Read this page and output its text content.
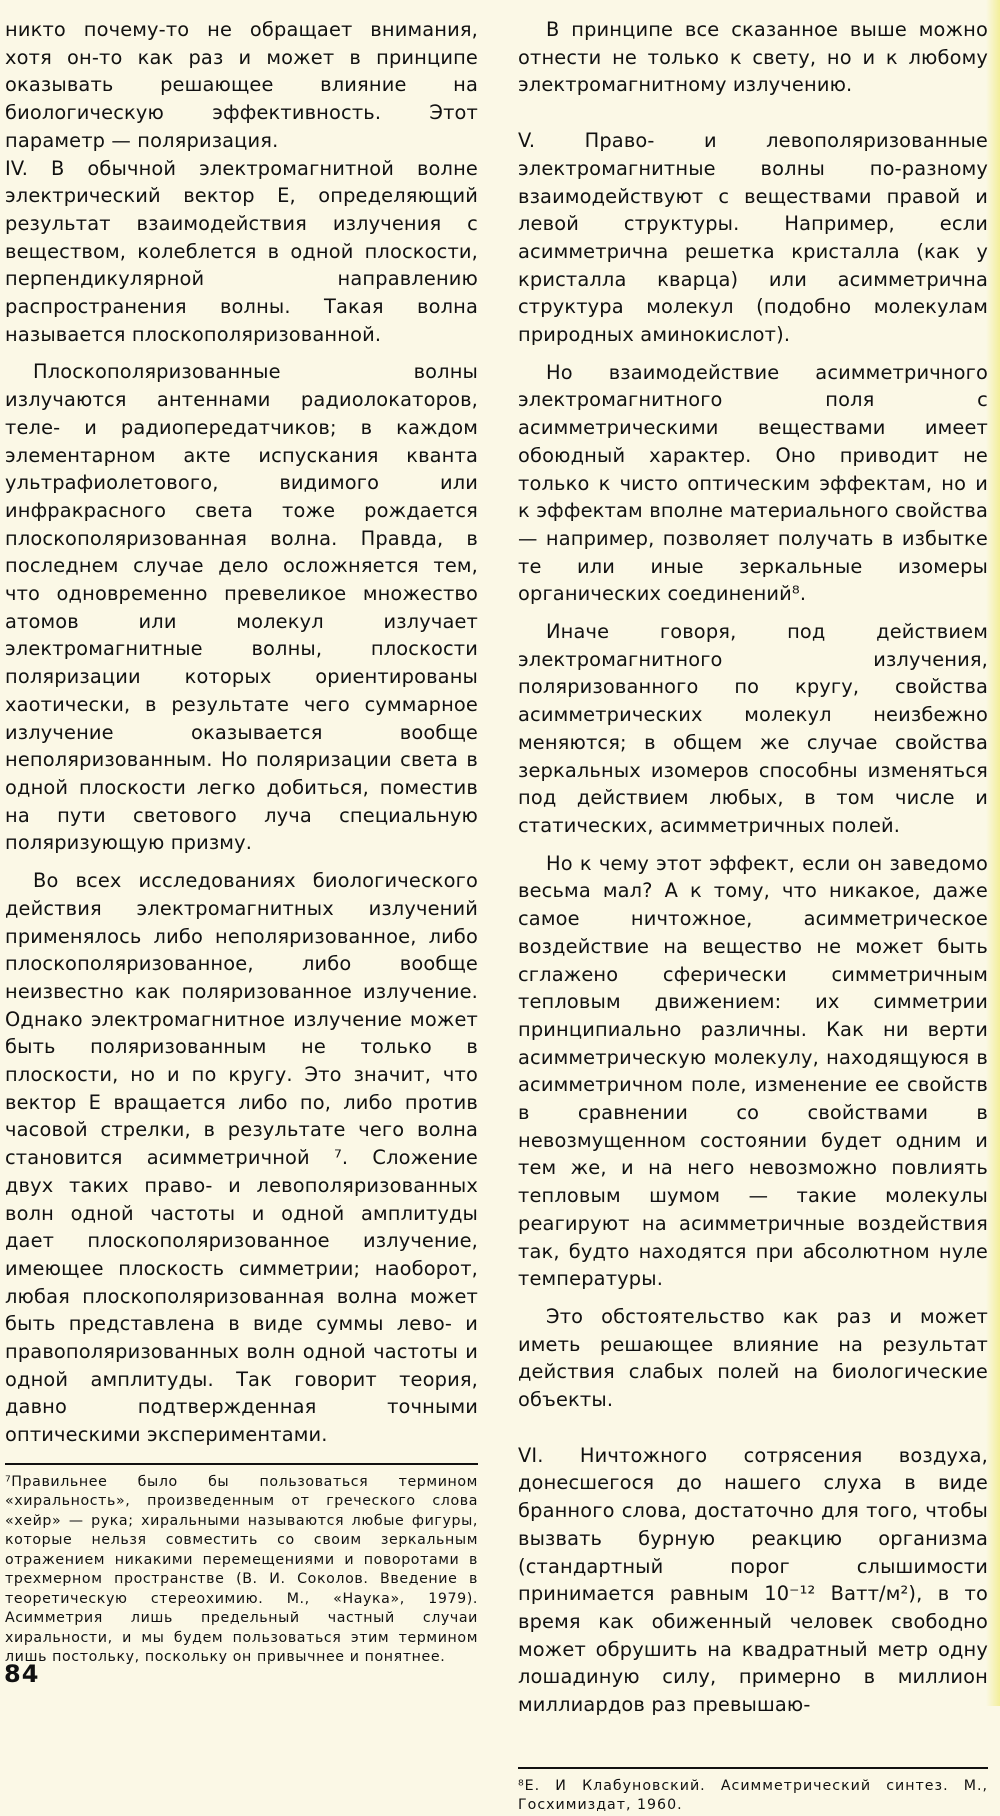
никто почему-то не обращает внимания, хотя он-то как раз и может в принципе оказывать решающее влияние на биологическую эффективность. Этот параметр — поляризация.

IV. В обычной электромагнитной волне электрический вектор Е, определяющий результат взаимодействия излучения с веществом, колеблется в одной плоскости, перпендикулярной направлению распространения волны. Такая волна называется плоскополяризованной.

Плоскополяризованные волны излучаются антеннами радиолокаторов, теле- и радиопередатчиков; в каждом элементарном акте испускания кванта ультрафиолетового, видимого или инфракрасного света тоже рождается плоскополяризованная волна. Правда, в последнем случае дело осложняется тем, что одновременно превеликое множество атомов или молекул излучает электромагнитные волны, плоскости поляризации которых ориентированы хаотически, в результате чего суммарное излучение оказывается вообще неполяризованным. Но поляризации света в одной плоскости легко добиться, поместив на пути светового луча специальную поляризующую призму.

Во всех исследованиях биологического действия электромагнитных излучений применялось либо неполяризованное, либо плоскополяризованное, либо вообще неизвестно как поляризованное излучение. Однако электромагнитное излучение может быть поляризованным не только в плоскости, но и по кругу. Это значит, что вектор Е вращается либо по, либо против часовой стрелки, в результате чего волна становится асимметричной ⁷. Сложение двух таких право- и левополяризованных волн одной частоты и одной амплитуды дает плоскополяризованное излучение, имеющее плоскость симметрии; наоборот, любая плоскополяризованная волна может быть представлена в виде суммы лево- и правополяризованных волн одной частоты и одной амплитуды. Так говорит теория, давно подтвержденная точными оптическими экспериментами.

⁷Правильнее было бы пользоваться термином «хиральность», произведенным от греческого слова «хейр» — рука; хиральными называются любые фигуры, которые нельзя совместить со своим зеркальным отражением никакими перемещениями и поворотами в трехмерном пространстве (В. И. Соколов. Введение в теоретическую стереохимию. М., «Наука», 1979). Асимметрия лишь предельный частный случаи хиральности, и мы будем пользоваться этим термином лишь постольку, поскольку он привычнее и понятнее.

В принципе все сказанное выше можно отнести не только к свету, но и к любому электромагнитному излучению.

V. Право- и левополяризованные электромагнитные волны по-разному взаимодействуют с веществами правой и левой структуры. Например, если асимметрична решетка кристалла (как у кристалла кварца) или асимметрична структура молекул (подобно молекулам природных аминокислот).

Но взаимодействие асимметричного электромагнитного поля с асимметрическими веществами имеет обоюдный характер. Оно приводит не только к чисто оптическим эффектам, но и к эффектам вполне материального свойства — например, позволяет получать в избытке те или иные зеркальные изомеры органических соединений⁸.

Иначе говоря, под действием электромагнитного излучения, поляризованного по кругу, свойства асимметрических молекул неизбежно меняются; в общем же случае свойства зеркальных изомеров способны изменяться под действием любых, в том числе и статических, асимметричных полей.

Но к чему этот эффект, если он заведомо весьма мал? А к тому, что никакое, даже самое ничтожное, асимметрическое воздействие на вещество не может быть сглажено сферически симметричным тепловым движением: их симметрии принципиально различны. Как ни верти асимметрическую молекулу, находящуюся в асимметричном поле, изменение ее свойств в сравнении со свойствами в невозмущенном состоянии будет одним и тем же, и на него невозможно повлиять тепловым шумом — такие молекулы реагируют на асимметричные воздействия так, будто находятся при абсолютном нуле температуры.

Это обстоятельство как раз и может иметь решающее влияние на результат действия слабых полей на биологические объекты.

VI. Ничтожного сотрясения воздуха, донесшегося до нашего слуха в виде бранного слова, достаточно для того, чтобы вызвать бурную реакцию организма (стандартный порог слышимости принимается равным 10⁻¹² Ватт/м²), в то время как обиженный человек свободно может обрушить на квадратный метр одну лошадиную силу, примерно в миллион миллиардов раз превышаю-

⁸Е. И Клабуновский. Асимметрический синтез. М., Госхимиздат, 1960.

84
